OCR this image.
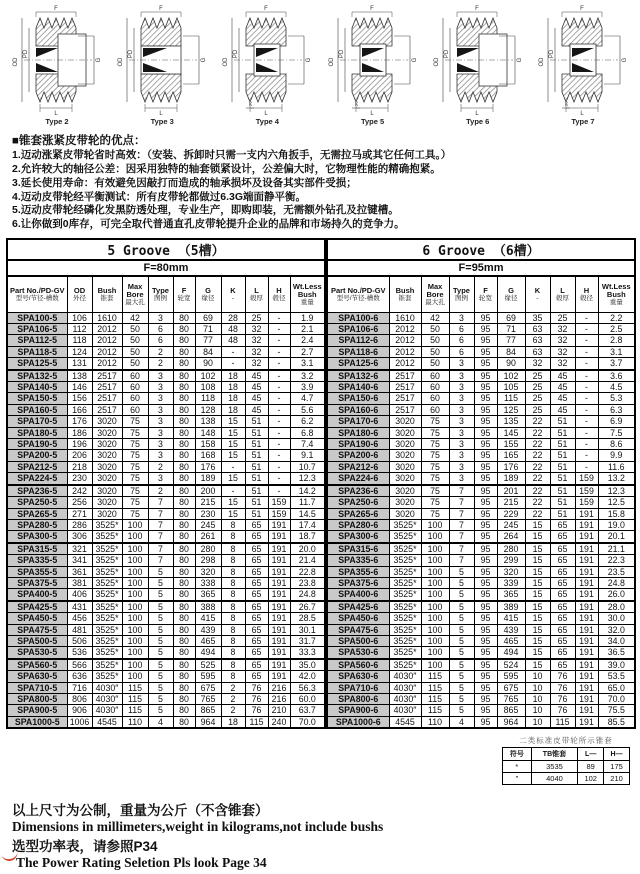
F
OD
PD
G
L
Type 2
F
OD
PD
G
L
Type 3
K
F
OD
PD
G
L
Type 4
K
F
OD
PD
G
L
Type 5
F
OD
PD
G
L
Type 6
K
F
OD
PD
G
L
Type 7
■锥套涨紧皮带轮的优点：
1.迈动涨紧皮带轮省时高效：（安装、拆卸时只需一支内六角扳手，无需拉马或其它任何工具。）
2.允许较大的轴径公差：因采用独特的轴套锁紧设计，公差偏大时，它物理性能的精确抱紧。
3.延长使用寿命：有效避免因敲打而造成的轴承损坏及设备其实部件受损；
4.迈动皮带轮经平衡测试：所有皮带轮都做过6.3G端面静平衡。
5.迈动皮带轮经磷化发黑防透处理，专业生产，即购即装，无需额外钻孔及拉键槽。
6.让你做到0库存，可完全取代普通直孔皮带轮提升企业的品牌和市场持久的竞争力。
5 Groove （5槽）										
F=80mm										

Part No./PD-GV
型号/节径-槽数

OD
外径

Bush
锥套

Max Bore
最大孔

Type
图例

F
轮宽

G
缘径

K
-

L
毂厚

H
毂径

Wt.Less Bush
重量

SPA100-5	106	1610	42	3	80	69	28	25	-	1.9
SPA106-5	112	2012	50	6	80	71	48	32	-	2.1
SPA112-5	118	2012	50	6	80	77	48	32	-	2.4
SPA118-5	124	2012	50	2	80	84	-	32	-	2.7
SPA125-5	131	2012	50	2	80	90	-	32	-	3.1
SPA132-5	138	2517	60	3	80	102	18	45	-	3.2
SPA140-5	146	2517	60	3	80	108	18	45	-	3.9
SPA150-5	156	2517	60	3	80	118	18	45	-	4.7
SPA160-5	166	2517	60	3	80	128	18	45	-	5.6
SPA170-5	176	3020	75	3	80	138	15	51	-	6.2
SPA180-5	186	3020	75	3	80	148	15	51	-	6.8
SPA190-5	196	3020	75	3	80	158	15	51	-	7.4
SPA200-5	206	3020	75	3	80	168	15	51	-	9.1
SPA212-5	218	3020	75	2	80	176	-	51	-	10.7
SPA224-5	230	3020	75	3	80	189	15	51	-	12.3
SPA236-5	242	3020	75	2	80	200	-	51	-	14.2
SPA250-5	256	3020	75	7	80	215	15	51	159	11.7
SPA265-5	271	3020	75	7	80	230	15	51	159	14.5
SPA280-5	286	3525*	100	7	80	245	8	65	191	17.4
SPA300-5	306	3525*	100	7	80	261	8	65	191	18.7
SPA315-5	321	3525*	100	7	80	280	8	65	191	20.0
SPA335-5	341	3525*	100	7	80	298	8	65	191	21.4
SPA355-5	361	3525*	100	5	80	320	8	65	191	22.8
SPA375-5	381	3525*	100	5	80	338	8	65	191	23.8
SPA400-5	406	3525*	100	5	80	365	8	65	191	24.8
SPA425-5	431	3525*	100	5	80	388	8	65	191	26.7
SPA450-5	456	3525*	100	5	80	415	8	65	191	28.5
SPA475-5	481	3525*	100	5	80	439	8	65	191	30.1
SPA500-5	506	3525*	100	5	80	465	8	65	191	31.7
SPA530-5	536	3525*	100	5	80	494	8	65	191	33.3
SPA560-5	566	3525*	100	5	80	525	8	65	191	35.0
SPA630-5	636	3525*	100	5	80	595	8	65	191	42.0
SPA710-5	716	4030″	115	5	80	675	2	76	216	56.3
SPA800-5	806	4030″	115	5	80	765	2	76	216	60.0
SPA900-5	906	4030″	115	5	80	865	2	76	210	63.7
SPA1000-5	1006	4545	110	4	80	964	18	115	240	70.0
6 Groove （6槽）									
F=95mm									

Part No./PD-GV
型号/节径-槽数

Bush
锥套

Max Bore
最大孔

Type
图例

F
轮宽

G
缘径

K
-

L
毂厚

H
毂径

Wt.Less Bush
重量

SPA100-6	1610	42	3	95	69	35	25	-	2.2
SPA106-6	2012	50	6	95	71	63	32	-	2.5
SPA112-6	2012	50	6	95	77	63	32	-	2.8
SPA118-6	2012	50	6	95	84	63	32	-	3.1
SPA125-6	2012	50	3	95	90	32	32	-	3.7
SPA132-6	2517	60	3	95	102	25	45	-	3.6
SPA140-6	2517	60	3	95	105	25	45	-	4.5
SPA150-6	2517	60	3	95	115	25	45	-	5.3
SPA160-6	2517	60	3	95	125	25	45	-	6.3
SPA170-6	3020	75	3	95	135	22	51	-	6.9
SPA180-6	3020	75	3	95	145	22	51	-	7.5
SPA190-6	3020	75	3	95	155	22	51	-	8.6
SPA200-6	3020	75	3	95	165	22	51	-	9.9
SPA212-6	3020	75	3	95	176	22	51	-	11.6
SPA224-6	3020	75	3	95	189	22	51	159	13.2
SPA236-6	3020	75	7	95	201	22	51	159	12.3
SPA250-6	3020	75	7	95	215	22	51	159	12.5
SPA265-6	3020	75	7	95	229	22	51	191	15.8
SPA280-6	3525*	100	7	95	245	15	65	191	19.0
SPA300-6	3525*	100	7	95	264	15	65	191	20.1
SPA315-6	3525*	100	7	95	280	15	65	191	21.1
SPA335-6	3525*	100	7	95	299	15	65	191	22.3
SPA355-6	3525*	100	5	95	320	15	65	191	23.5
SPA375-6	3525*	100	5	95	339	15	65	191	24.8
SPA400-6	3525*	100	5	95	365	15	65	191	26.0
SPA425-6	3525*	100	5	95	389	15	65	191	28.0
SPA450-6	3525*	100	5	95	415	15	65	191	30.0
SPA475-6	3525*	100	5	95	439	15	65	191	32.0
SPA500-6	3525*	100	5	95	465	15	65	191	34.0
SPA530-6	3525*	100	5	95	494	15	65	191	36.5
SPA560-6	3525*	100	5	95	524	15	65	191	39.0
SPA630-6	4030″	115	5	95	595	10	76	191	53.5
SPA710-6	4030″	115	5	95	675	10	76	191	65.0
SPA800-6	4030″	115	5	95	765	10	76	191	70.0
SPA900-6	4030″	115	5	95	865	10	76	191	75.5
SPA1000-6	4545	110	4	95	964	10	115	191	85.5
二类标准皮带轮所示锥套
符号	TB锥套	L—	H—
*	3535	89	175
″	4040	102	210
以上尺寸为公制，重量为公斤（不含锥套）
Dimensions in millimeters,weight in kilograms,not include bushs
选型功率表，请参照P34
The Power Rating Seletion Pls look Page 34
